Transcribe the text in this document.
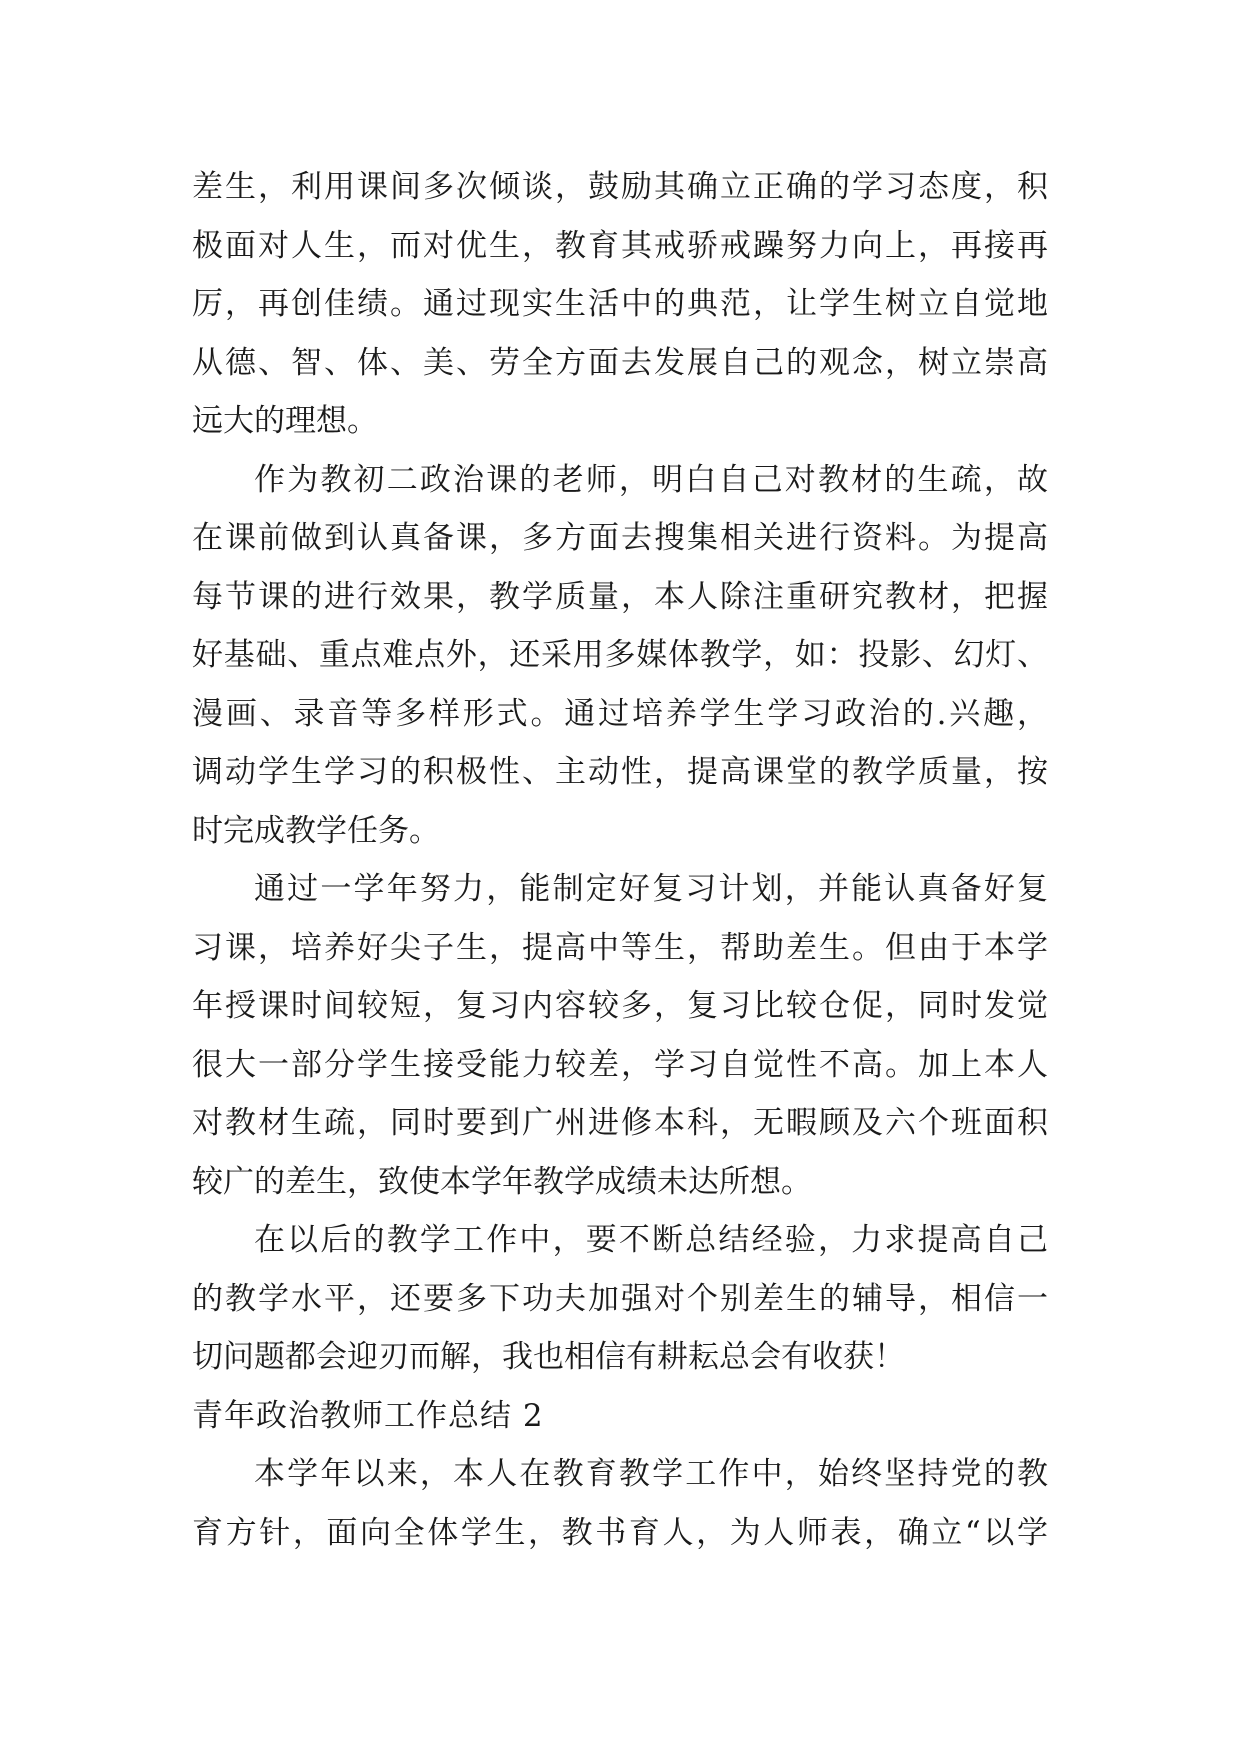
差生，利用课间多次倾谈，鼓励其确立正确的学习态度，积
极面对人生，而对优生，教育其戒骄戒躁努力向上，再接再
厉，再创佳绩。通过现实生活中的典范，让学生树立自觉地
从德、智、体、美、劳全方面去发展自己的观念，树立崇高
远大的理想。
作为教初二政治课的老师，明白自己对教材的生疏，故
在课前做到认真备课，多方面去搜集相关进行资料。为提高
每节课的进行效果，教学质量，本人除注重研究教材，把握
好基础、重点难点外，还采用多媒体教学，如：投影、幻灯、
漫画、录音等多样形式。通过培养学生学习政治的.兴趣，
调动学生学习的积极性、主动性，提高课堂的教学质量，按
时完成教学任务。
通过一学年努力，能制定好复习计划，并能认真备好复
习课，培养好尖子生，提高中等生，帮助差生。但由于本学
年授课时间较短，复习内容较多，复习比较仓促，同时发觉
很大一部分学生接受能力较差，学习自觉性不高。加上本人
对教材生疏，同时要到广州进修本科，无暇顾及六个班面积
较广的差生，致使本学年教学成绩未达所想。
在以后的教学工作中，要不断总结经验，力求提高自己
的教学水平，还要多下功夫加强对个别差生的辅导，相信一
切问题都会迎刃而解，我也相信有耕耘总会有收获！
青年政治教师工作总结 2
本学年以来，本人在教育教学工作中，始终坚持党的教
育方针，面向全体学生，教书育人，为人师表，确立“以学
